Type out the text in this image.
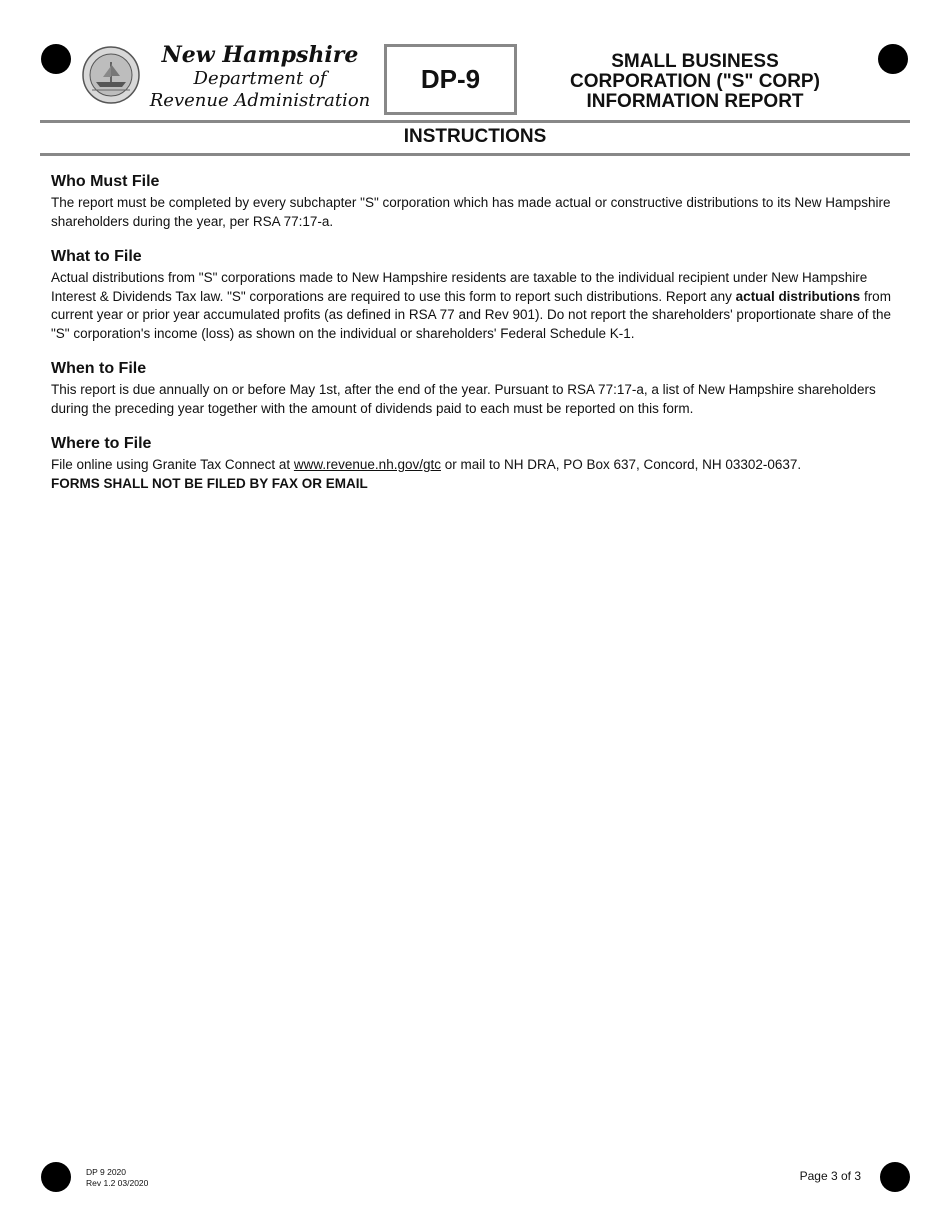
New Hampshire
Department of
Revenue Administration
DP-9
SMALL BUSINESS
CORPORATION ("S" CORP)
INFORMATION REPORT
INSTRUCTIONS
Who Must File

The report must be completed by every subchapter "S" corporation which has made actual or constructive distributions to its New Hampshire shareholders during the year, per RSA 77:17-a.

What to File

Actual distributions from "S" corporations made to New Hampshire residents are taxable to the individual recipient under New Hampshire Interest & Dividends Tax law. "S" corporations are required to use this form to report such distributions. Report any actual distributions from current year or prior year accumulated profits (as defined in RSA 77 and Rev 901). Do not report the shareholders' proportionate share of the "S" corporation's income (loss) as shown on the individual or shareholders' Federal Schedule K-1.

When to File

This report is due annually on or before May 1st, after the end of the year. Pursuant to RSA 77:17-a, a list of New Hampshire shareholders during the preceding year together with the amount of dividends paid to each must be reported on this form.

Where to File

File online using Granite Tax Connect at www.revenue.nh.gov/gtc or mail to NH DRA, PO Box 637, Concord, NH 03302-0637.

FORMS SHALL NOT BE FILED BY FAX OR EMAIL
DP 9 2020
Rev 1.2 03/2020	Page 3 of 3
